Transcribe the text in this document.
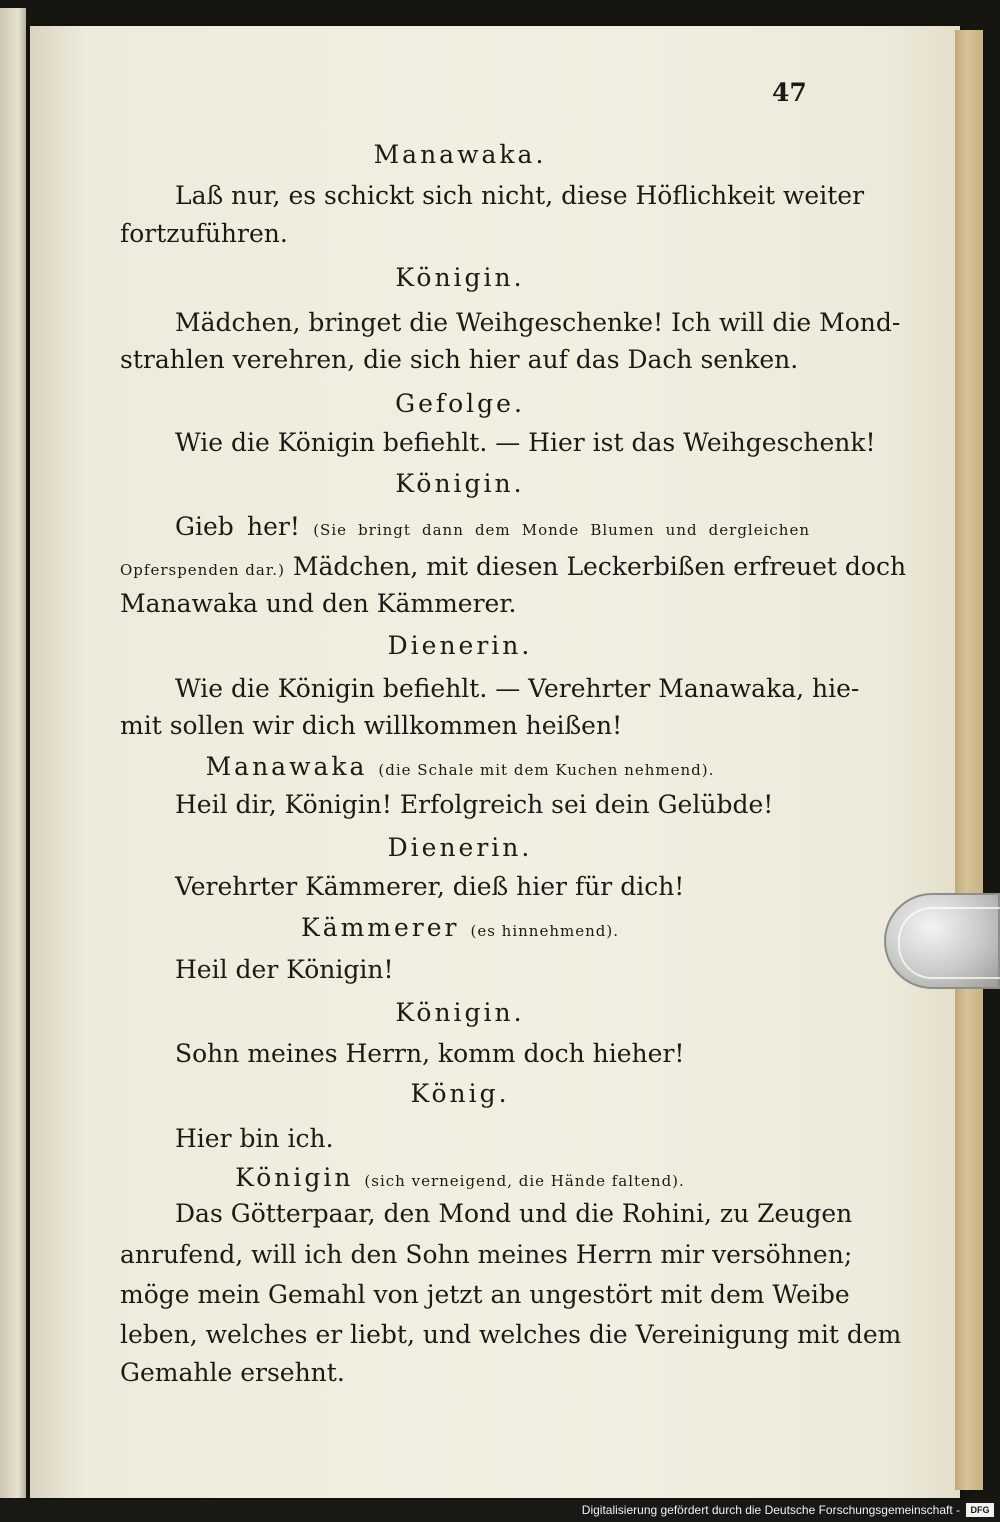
47
Manawaka.
Laß nur, es schickt sich nicht, diese Höflichkeit weiter
fortzuführen.
Königin.
Mädchen, bringet die Weihgeschenke! Ich will die Mond-
strahlen verehren, die sich hier auf das Dach senken.
Gefolge.
Wie die Königin befiehlt. — Hier ist das Weihgeschenk!
Königin.
Gieb her! (Sie bringt dann dem Monde Blumen und dergleichen
Opferspenden dar.) Mädchen, mit diesen Leckerbißen erfreuet doch
Manawaka und den Kämmerer.
Dienerin.
Wie die Königin befiehlt. — Verehrter Manawaka, hie-
mit sollen wir dich willkommen heißen!
Manawaka (die Schale mit dem Kuchen nehmend).
Heil dir, Königin! Erfolgreich sei dein Gelübde!
Dienerin.
Verehrter Kämmerer, dieß hier für dich!
Kämmerer (es hinnehmend).
Heil der Königin!
Königin.
Sohn meines Herrn, komm doch hieher!
König.
Hier bin ich.
Königin (sich verneigend, die Hände faltend).
Das Götterpaar, den Mond und die Rohini, zu Zeugen
anrufend, will ich den Sohn meines Herrn mir versöhnen;
möge mein Gemahl von jetzt an ungestört mit dem Weibe
leben, welches er liebt, und welches die Vereinigung mit dem
Gemahle ersehnt.
Digitalisierung gefördert durch die Deutsche Forschungsgemeinschaft -	DFG
